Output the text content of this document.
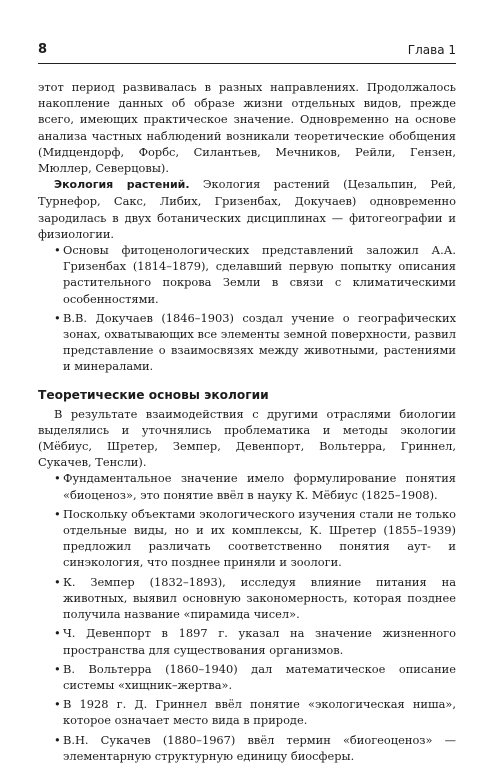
8	Глава 1

этот период развивалась в разных направлениях. Продолжалось накопление данных об образе жизни отдельных видов, прежде всего, имеющих практическое значение. Одновременно на основе анализа частных наблюдений возникали теоретические обобщения (Мидцендорф, Форбс, Силантьев, Мечников, Рейли, Гензен, Мюллер, Северцовы).

Экология растений. Экология растений (Цезальпин, Рей, Турнефор, Сакс, Либих, Гризенбах, Докучаев) одновременно зародилась в двух ботанических дисциплинах — фитогеографии и физиологии.

• Основы фитоценологических представлений заложил А.А. Гризенбах (1814–1879), сделавший первую попытку описания растительного покрова Земли в связи с климатическими особенностями.
• В.В. Докучаев (1846–1903) создал учение о географических зонах, охватывающих все элементы земной поверхности, развил представление о взаимосвязях между животными, растениями и минералами.
Теоретические основы экологии

В результате взаимодействия с другими отраслями биологии выделялись и уточнялись проблематика и методы экологии (Мёбиус, Шретер, Земпер, Девенпорт, Вольтерра, Гриннел, Сукачев, Тенсли).

• Фундаментальное значение имело формулирование понятия «биоценоз», это понятие ввёл в науку К. Мёбиус (1825–1908).
• Поскольку объектами экологического изучения стали не только отдельные виды, но и их комплексы, К. Шретер (1855–1939) предложил различать соответственно понятия аут- и синэкология, что позднее приняли и зоологи.
• К. Земпер (1832–1893), исследуя влияние питания на животных, выявил основную закономерность, которая позднее получила название «пирамида чисел».
• Ч. Девенпорт в 1897 г. указал на значение жизненного пространства для существования организмов.
• В. Вольтерра (1860–1940) дал математическое описание системы «хищник–жертва».
• В 1928 г. Д. Гриннел ввёл понятие «экологическая ниша», которое означает место вида в природе.
• В.Н. Сукачев (1880–1967) ввёл термин «биогеоценоз» — элементарную структурную единицу биосферы.
